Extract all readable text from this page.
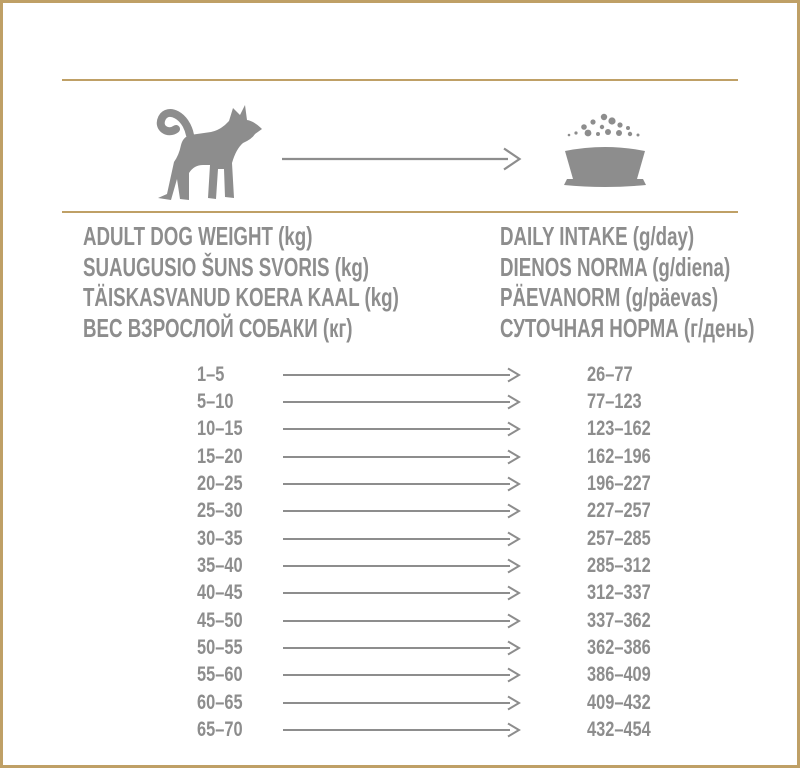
ADULT DOG WEIGHT (kg)
SUAUGUSIO ŠUNS SVORIS (kg)
TÄISKASVANUD KOERA KAAL (kg)
ВЕС ВЗРОСЛОЙ СОБАКИ (кг)
DAILY INTAKE (g/day)
DIENOS NORMA (g/diena)
PÄEVANORM (g/päevas)
СУТОЧНАЯ НОРМА (г/день)
1–5	26–77
5–10	77–123
10–15	123–162
15–20	162–196
20–25	196–227
25–30	227–257
30–35	257–285
35–40	285–312
40–45	312–337
45–50	337–362
50–55	362–386
55–60	386–409
60–65	409–432
65–70	432–454
